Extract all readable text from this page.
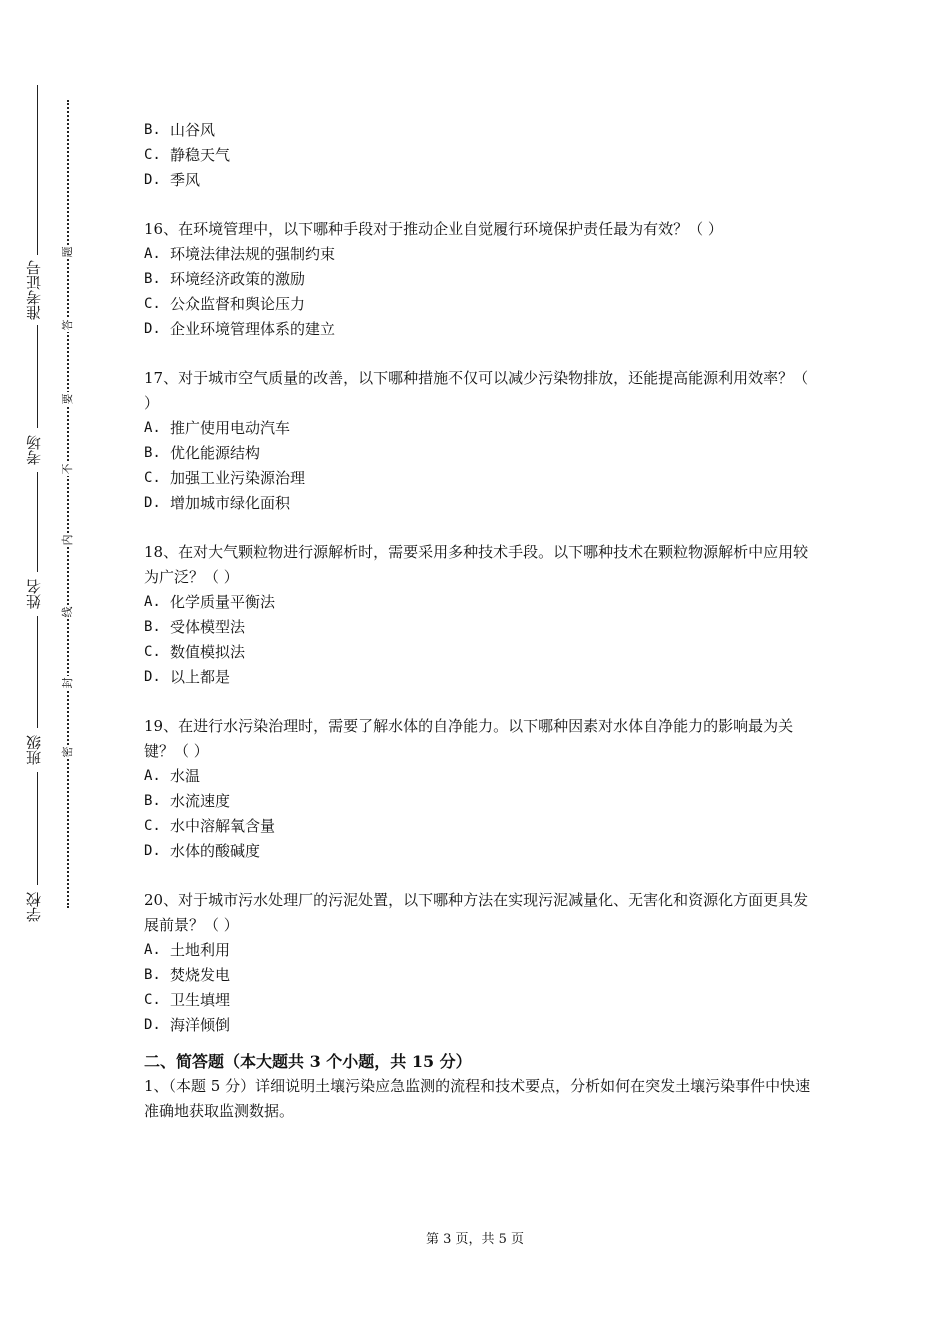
准考证号
考场
姓名
班级
学校
题
答
要
不
内
线
封
密
B. 山谷风
C. 静稳天气
D. 季风
16、在环境管理中，以下哪种手段对于推动企业自觉履行环境保护责任最为有效？（ ）
A. 环境法律法规的强制约束
B. 环境经济政策的激励
C. 公众监督和舆论压力
D. 企业环境管理体系的建立
17、对于城市空气质量的改善，以下哪种措施不仅可以减少污染物排放，还能提高能源利用效率？（ ）
A. 推广使用电动汽车
B. 优化能源结构
C. 加强工业污染源治理
D. 增加城市绿化面积
18、在对大气颗粒物进行源解析时，需要采用多种技术手段。以下哪种技术在颗粒物源解析中应用较为广泛？（ ）
A. 化学质量平衡法
B. 受体模型法
C. 数值模拟法
D. 以上都是
19、在进行水污染治理时，需要了解水体的自净能力。以下哪种因素对水体自净能力的影响最为关键？（ ）
A. 水温
B. 水流速度
C. 水中溶解氧含量
D. 水体的酸碱度
20、对于城市污水处理厂的污泥处置，以下哪种方法在实现污泥减量化、无害化和资源化方面更具发展前景？（ ）
A. 土地利用
B. 焚烧发电
C. 卫生填埋
D. 海洋倾倒
二、简答题（本大题共 3 个小题，共 15 分）
1、（本题 5 分）详细说明土壤污染应急监测的流程和技术要点，分析如何在突发土壤污染事件中快速准确地获取监测数据。
第 3 页，共 5 页
